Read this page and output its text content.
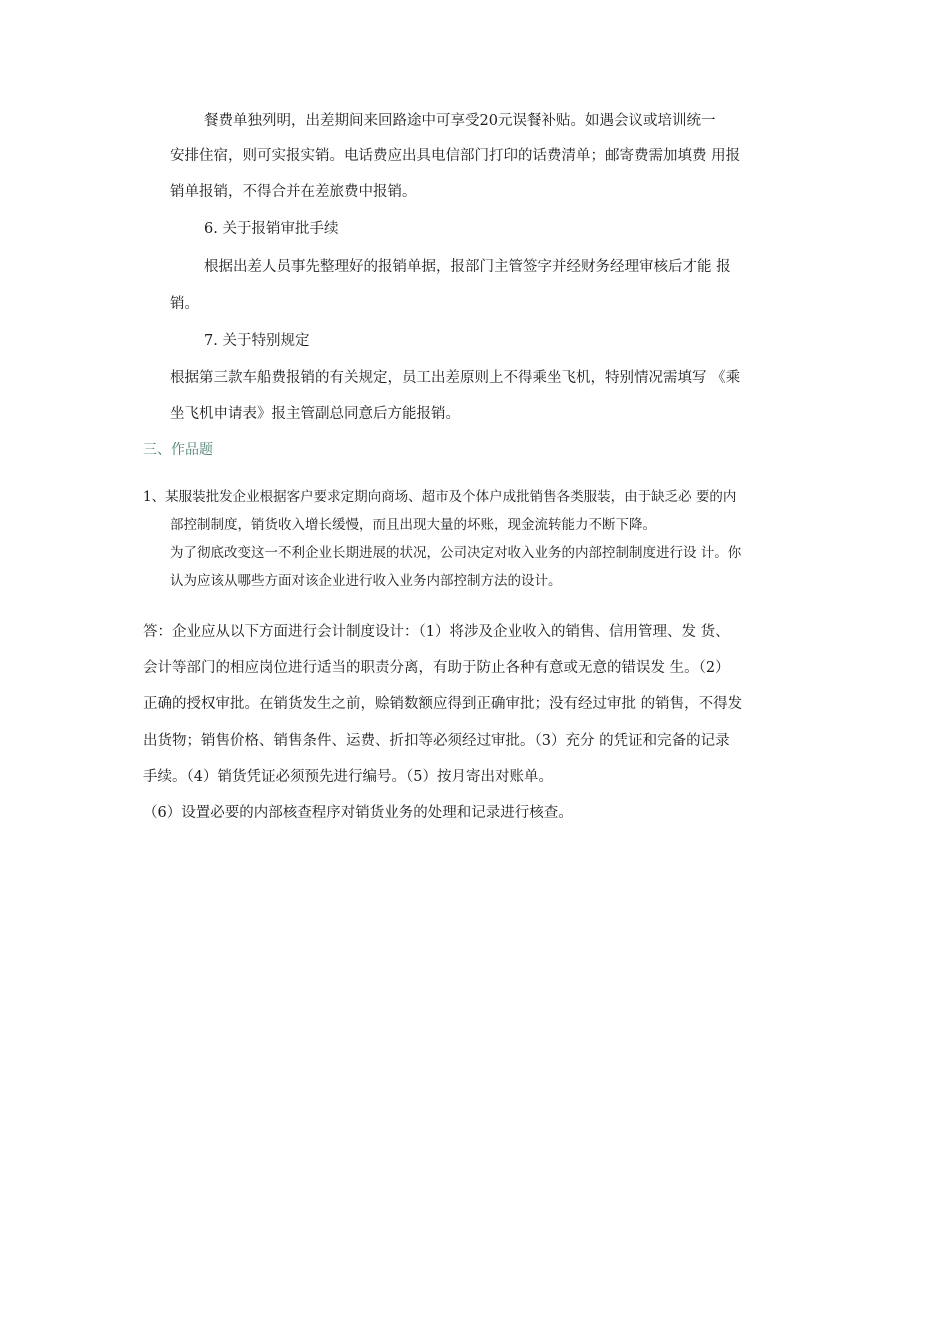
餐费单独列明，出差期间来回路途中可享受20元误餐补贴。如遇会议或培训统一
安排住宿，则可实报实销。电话费应出具电信部门打印的话费清单；邮寄费需加填费 用报
销单报销，不得合并在差旅费中报销。
6. 关于报销审批手续
根据出差人员事先整理好的报销单据，报部门主管签字并经财务经理审核后才能 报
销。
7. 关于特别规定
根据第三款车船费报销的有关规定，员工出差原则上不得乘坐飞机，特别情况需填写 《乘
坐飞机申请表》报主管副总同意后方能报销。
三、作品题
1、某服装批发企业根据客户要求定期向商场、超市及个体户成批销售各类服装，由于缺乏必 要的内
部控制制度，销货收入增长缓慢，而且出现大量的坏账，现金流转能力不断下降。
为了彻底改变这一不利企业长期进展的状况，公司决定对收入业务的内部控制制度进行设 计。你
认为应该从哪些方面对该企业进行收入业务内部控制方法的设计。
答：企业应从以下方面进行会计制度设计：（1）将涉及企业收入的销售、信用管理、发 货、
会计等部门的相应岗位进行适当的职责分离，有助于防止各种有意或无意的错误发 生。（2）
正确的授权审批。在销货发生之前，赊销数额应得到正确审批；没有经过审批 的销售，不得发
出货物；销售价格、销售条件、运费、折扣等必须经过审批。（3）充分 的凭证和完备的记录
手续。（4）销货凭证必须预先进行编号。（5）按月寄出对账单。
（6）设置必要的内部核查程序对销货业务的处理和记录进行核查。
